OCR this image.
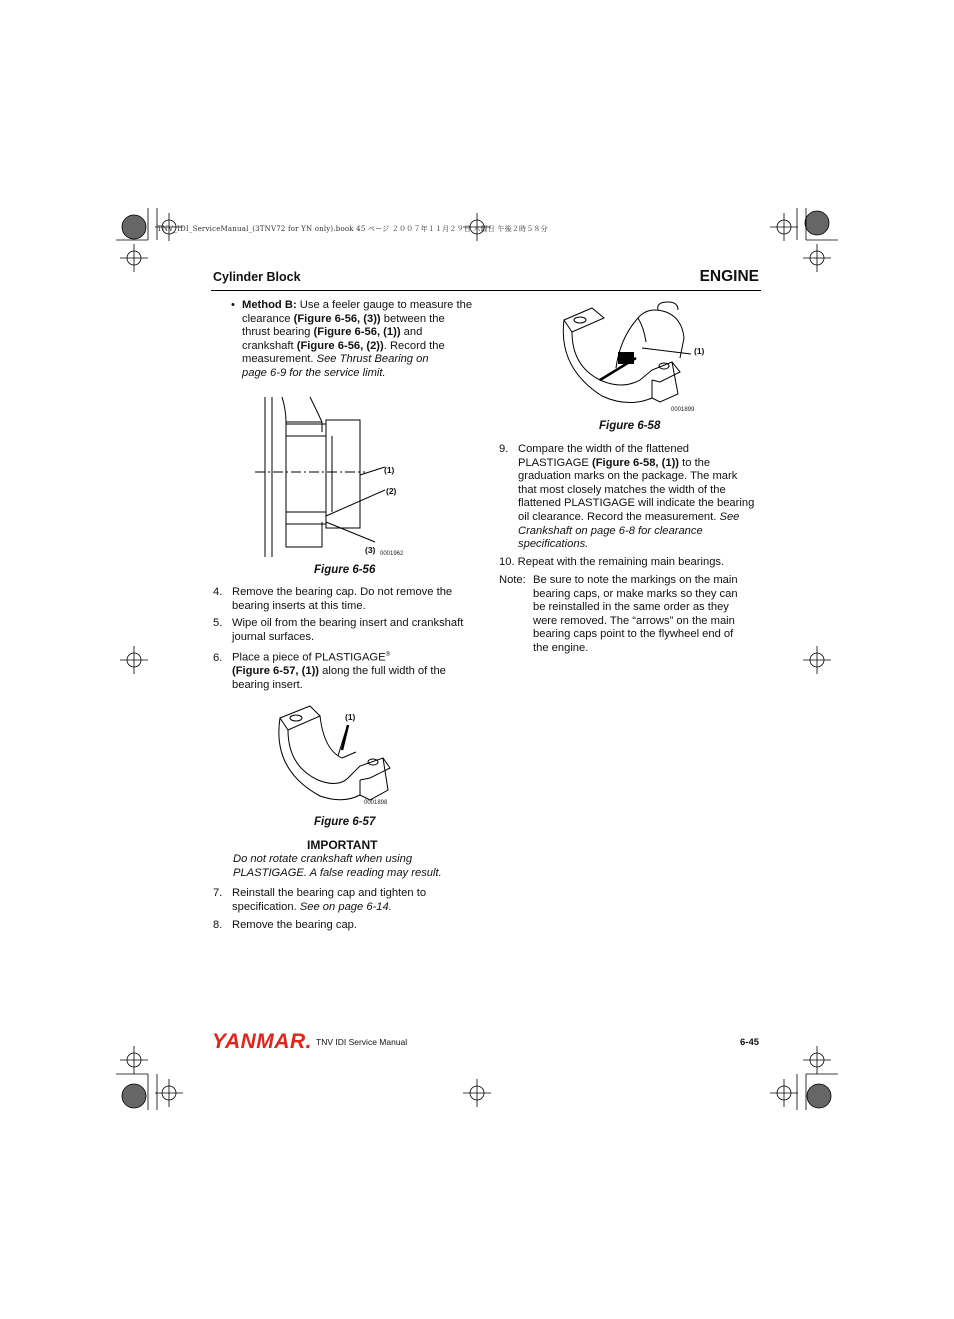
TNV_IDI_ServiceManual_(3TNV72 for YN only).book 45 ページ ２００７年１１月２９日 木曜日 午後２時５８分
Cylinder Block	ENGINE
• Method B: Use a feeler gauge to measure the
clearance (Figure 6-56, (3)) between the
thrust bearing (Figure 6-56, (1)) and
crankshaft (Figure 6-56, (2)). Record the
measurement. See Thrust Bearing on
page 6-9 for the service limit.
(1)
(2)
(3) 0001962
Figure 6-56
4. Remove the bearing cap. Do not remove the
bearing inserts at this time.
5. Wipe oil from the bearing insert and crankshaft
journal surfaces.
6. Place a piece of PLASTIGAGE®
(Figure 6-57, (1)) along the full width of the
bearing insert.
(1)
0001898
Figure 6-57
IMPORTANT
Do not rotate crankshaft when using
PLASTIGAGE. A false reading may result.
7. Reinstall the bearing cap and tighten to
specification. See on page 6-14.
8. Remove the bearing cap.
(1)
0001899
Figure 6-58
9. Compare the width of the flattened
PLASTIGAGE (Figure 6-58, (1)) to the
graduation marks on the package. The mark
that most closely matches the width of the
flattened PLASTIGAGE will indicate the bearing
oil clearance. Record the measurement. See
Crankshaft on page 6-8 for clearance
specifications.
10. Repeat with the remaining main bearings.
Note: Be sure to note the markings on the main
bearing caps, or make marks so they can
be reinstalled in the same order as they
were removed. The “arrows” on the main
bearing caps point to the flywheel end of
the engine.
YANMAR. TNV IDI Service Manual	6-45
